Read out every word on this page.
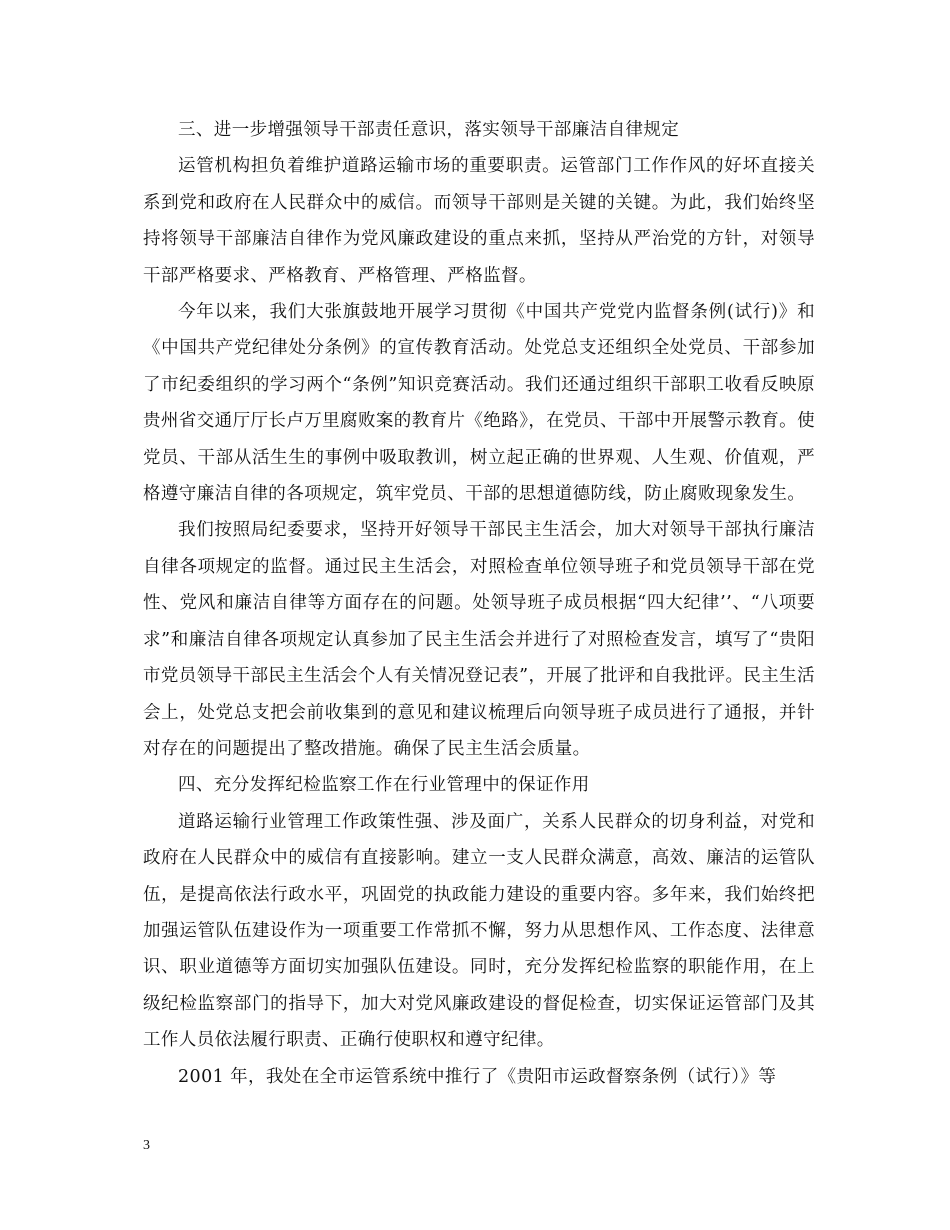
三、进一步增强领导干部责任意识，落实领导干部廉洁自律规定

运管机构担负着维护道路运输市场的重要职责。运管部门工作作风的好坏直接关系到党和政府在人民群众中的威信。而领导干部则是关键的关键。为此，我们始终坚持将领导干部廉洁自律作为党风廉政建设的重点来抓，坚持从严治党的方针，对领导干部严格要求、严格教育、严格管理、严格监督。

今年以来，我们大张旗鼓地开展学习贯彻《中国共产党党内监督条例(试行)》和《中国共产党纪律处分条例》的宣传教育活动。处党总支还组织全处党员、干部参加了市纪委组织的学习两个“条例”知识竞赛活动。我们还通过组织干部职工收看反映原贵州省交通厅厅长卢万里腐败案的教育片《绝路》，在党员、干部中开展警示教育。使党员、干部从活生生的事例中吸取教训，树立起正确的世界观、人生观、价值观，严格遵守廉洁自律的各项规定，筑牢党员、干部的思想道德防线，防止腐败现象发生。

我们按照局纪委要求，坚持开好领导干部民主生活会，加大对领导干部执行廉洁自律各项规定的监督。通过民主生活会，对照检查单位领导班子和党员领导干部在党性、党风和廉洁自律等方面存在的问题。处领导班子成员根据“四大纪律’’、“八项要求”和廉洁自律各项规定认真参加了民主生活会并进行了对照检查发言，填写了“贵阳市党员领导干部民主生活会个人有关情况登记表”，开展了批评和自我批评。民主生活会上，处党总支把会前收集到的意见和建议梳理后向领导班子成员进行了通报，并针对存在的问题提出了整改措施。确保了民主生活会质量。

四、充分发挥纪检监察工作在行业管理中的保证作用

道路运输行业管理工作政策性强、涉及面广，关系人民群众的切身利益，对党和政府在人民群众中的威信有直接影响。建立一支人民群众满意，高效、廉洁的运管队伍，是提高依法行政水平，巩固党的执政能力建设的重要内容。多年来，我们始终把加强运管队伍建设作为一项重要工作常抓不懈，努力从思想作风、工作态度、法律意识、职业道德等方面切实加强队伍建设。同时，充分发挥纪检监察的职能作用，在上级纪检监察部门的指导下，加大对党风廉政建设的督促检查，切实保证运管部门及其工作人员依法履行职责、正确行使职权和遵守纪律。

2001 年，我处在全市运管系统中推行了《贵阳市运政督察条例（试行）》等

3
